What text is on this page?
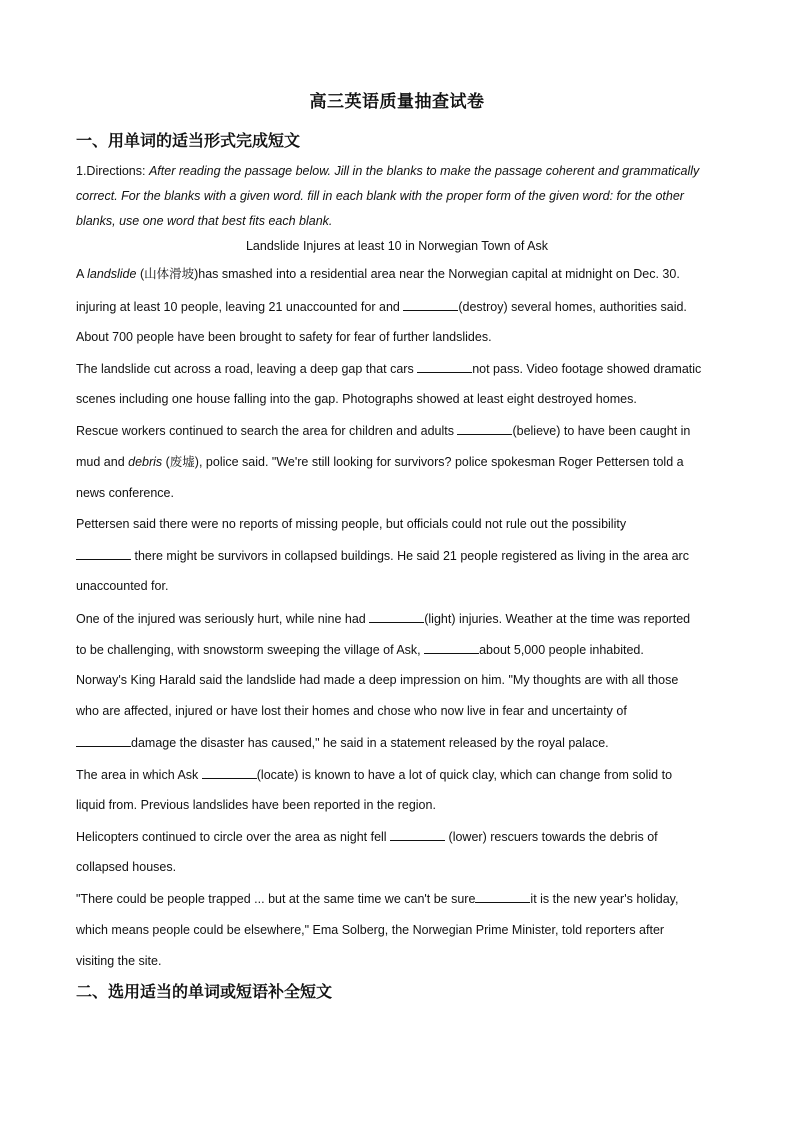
高三英语质量抽查试卷
一、用单词的适当形式完成短文
1.Directions: After reading the passage below. Jill in the blanks to make the passage coherent and grammatically
correct. For the blanks with a given word. fill in each blank with the proper form of the given word: for the other
blanks, use one word that best fits each blank.
Landslide Injures at least 10 in Norwegian Town of Ask
A landslide (山体滑坡)has smashed into a residential area near the Norwegian capital at midnight on Dec. 30.
injuring at least 10 people, leaving 21 unaccounted for and	(destroy) several homes, authorities said.
About 700 people have been brought to safety for fear of further landslides.
The landslide cut across a road, leaving a deep gap that cars	not pass. Video footage showed dramatic
scenes including one house falling into the gap. Photographs showed at least eight destroyed homes.
Rescue workers continued to search the area for children and adults	(believe) to have been caught in
mud and debris (废墟), police said. "We're still looking for survivors? police spokesman Roger Pettersen told a
news conference.
Pettersen said there were no reports of missing people, but officials could not rule out the possibility
there might be survivors in collapsed buildings. He said 21 people registered as living in the area arc
unaccounted for.
One of the injured was seriously hurt, while nine had	(light) injuries. Weather at the time was reported
to be challenging, with snowstorm sweeping the village of Ask,	about 5,000 people inhabited.
Norway's King Harald said the landslide had made a deep impression on him. "My thoughts are with all those
who are affected, injured or have lost their homes and chose who now live in fear and uncertainty of
damage the disaster has caused," he said in a statement released by the royal palace.
The area in which Ask	(locate) is known to have a lot of quick clay, which can change from solid to
liquid from. Previous landslides have been reported in the region.
Helicopters continued to circle over the area as night fell	(lower) rescuers towards the debris of
collapsed houses.
"There could be people trapped ... but at the same time we can't be sure	it is the new year's holiday,
which means people could be elsewhere," Ema Solberg, the Norwegian Prime Minister, told reporters after
visiting the site.
二、选用适当的单词或短语补全短文
